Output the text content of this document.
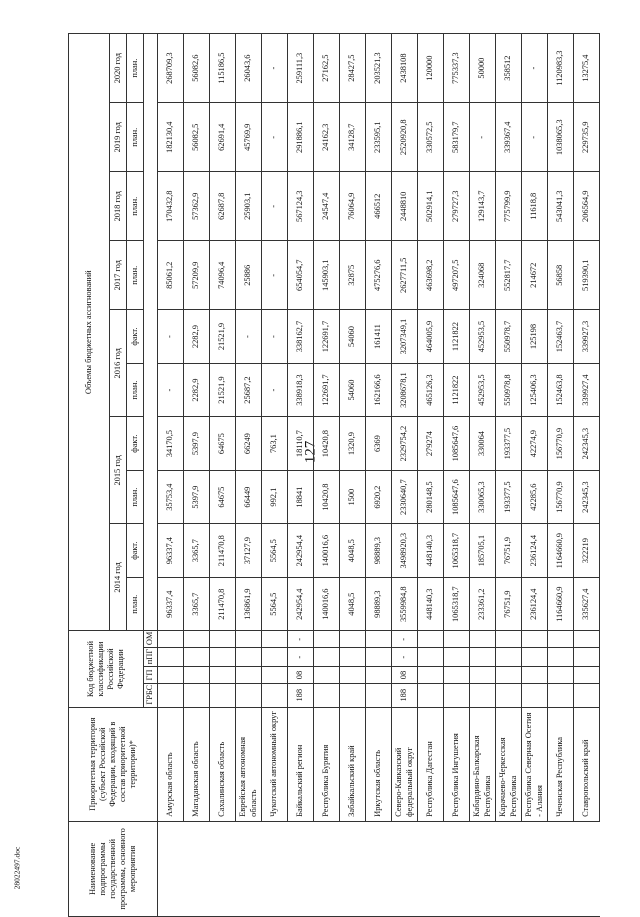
127
28022497.doc	Наименование подпрограммы государственной программы, основного мероприятия	Приоритетная территория (субъект Российской Федерации, входящий в состав приоритетной территории)*	Код бюджетной классификации Российской Федерации				Объемы бюджетных ассигнований									
						2014 год		2015 год		2016 год		2017 год	2018 год	2019 год	2020 год
						план.	факт.	план.	факт.	план.	факт.	план.	план.	план.	план.
		ГРБС	ГП	пПГ	ОМ										
	Амурская область					96337,4	96337,4	35753,4	34170,5	-	-	85061,2	170432,8	182130,4	268709,3
	Магаданская область					3365,7	3365,7	5397,9	5397,9	2282,9	2282,9	57209,9	57362,9	56082,5	56082,6
	Сахалинская область					211470,8	211470,8	64675	64675	21521,9	21521,9	74096,4	62687,8	62691,4	115186,5
	Еврейская автономная область					136861,9	37127,9	66449	66249	25687,2	-	25886	25903,1	45769,9	26043,6
	Чукотский автономный округ					5564,5	5564,5	992,1	763,1	-	-	-	-	-	-
	Байкальский регион	188	08	-	-	242954,4	242954,4	18841	18110,7	338918,3	338162,7	654054,7	567124,3	291886,1	259111,3
	Республика Бурятия					140016,6	140016,6	10420,8	10420,8	122691,7	122691,7	145903,1	24547,4	24162,3	27162,5
	Забайкальский край					4048,5	4048,5	1500	1320,9	54060	54060	32875	76064,9	34128,7	28427,5
	Иркутская область					98889,3	98889,3	6920,2	6369	162166,6	161411	475276,6	466512	233595,1	203521,3
	Северо-Кавказский федеральный округ	188	08	-	-	3559984,8	3498920,3	2330640,7	2329754,2	3208678,1	3207349,1	2627711,5	2448810	2520920,8	2438108
	Республика Дагестан					448140,3	448140,3	280148,5	279274	465126,3	464005,9	463698,2	502914,1	330572,5	120000
	Республика Ингушетия					1065318,7	1065318,7	1085647,6	1085647,6	1121822	1121822	497207,5	279727,3	583179,7	775337,3
	Кабардино-Балкарская Республика					233361,2	185705,1	330065,3	330064	452953,5	452953,5	324068	129143,7	-	50000
	Карачаево-Черкесская Республика					76751,9	76751,9	193377,5	193377,5	550978,8	550978,7	552817,7	775799,9	339367,4	358512
	Республика Северная Осетия - Алания					236124,4	236124,4	42285,6	42274,9	125406,3	125198	214672	11618,8	-	-
	Чеченская Республика					1164660,9	1164660,9	156770,9	156770,9	152463,8	152463,7	56858	543041,3	1038065,3	1120983,3
	Ставропольский край					335627,4	322219	242345,3	242345,3	339927,4	339927,3	519390,1	206564,9	229735,9	13275,4
